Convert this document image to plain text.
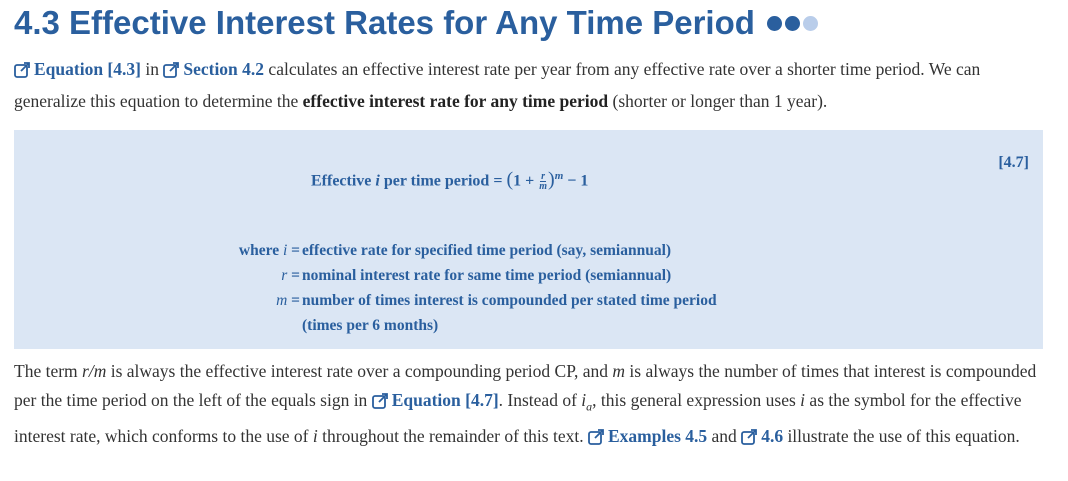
4.3 Effective Interest Rates for Any Time Period

Equation [4.3] in Section 4.2 calculates an effective interest rate per year from any effective rate over a shorter time period. We can generalize this equation to determine the effective interest rate for any time period (shorter or longer than 1 year).

Effective i per time period = $(1 + \frac{r}{m} )^m - 1$
[4.7]
where i =	effective rate for specified time period (say, semiannual)
r =	nominal interest rate for same time period (semiannual)
m =	number of times interest is compounded per stated time period (times per 6 months)

The term r/m is always the effective interest rate over a compounding period CP, and m is always the number of times that interest is compounded per the time period on the left of the equals sign in Equation [4.7]. Instead of $i_a$, this general expression uses i as the symbol for the effective interest rate, which conforms to the use of i throughout the remainder of this text. Examples 4.5 and 4.6 illustrate the use of this equation.
